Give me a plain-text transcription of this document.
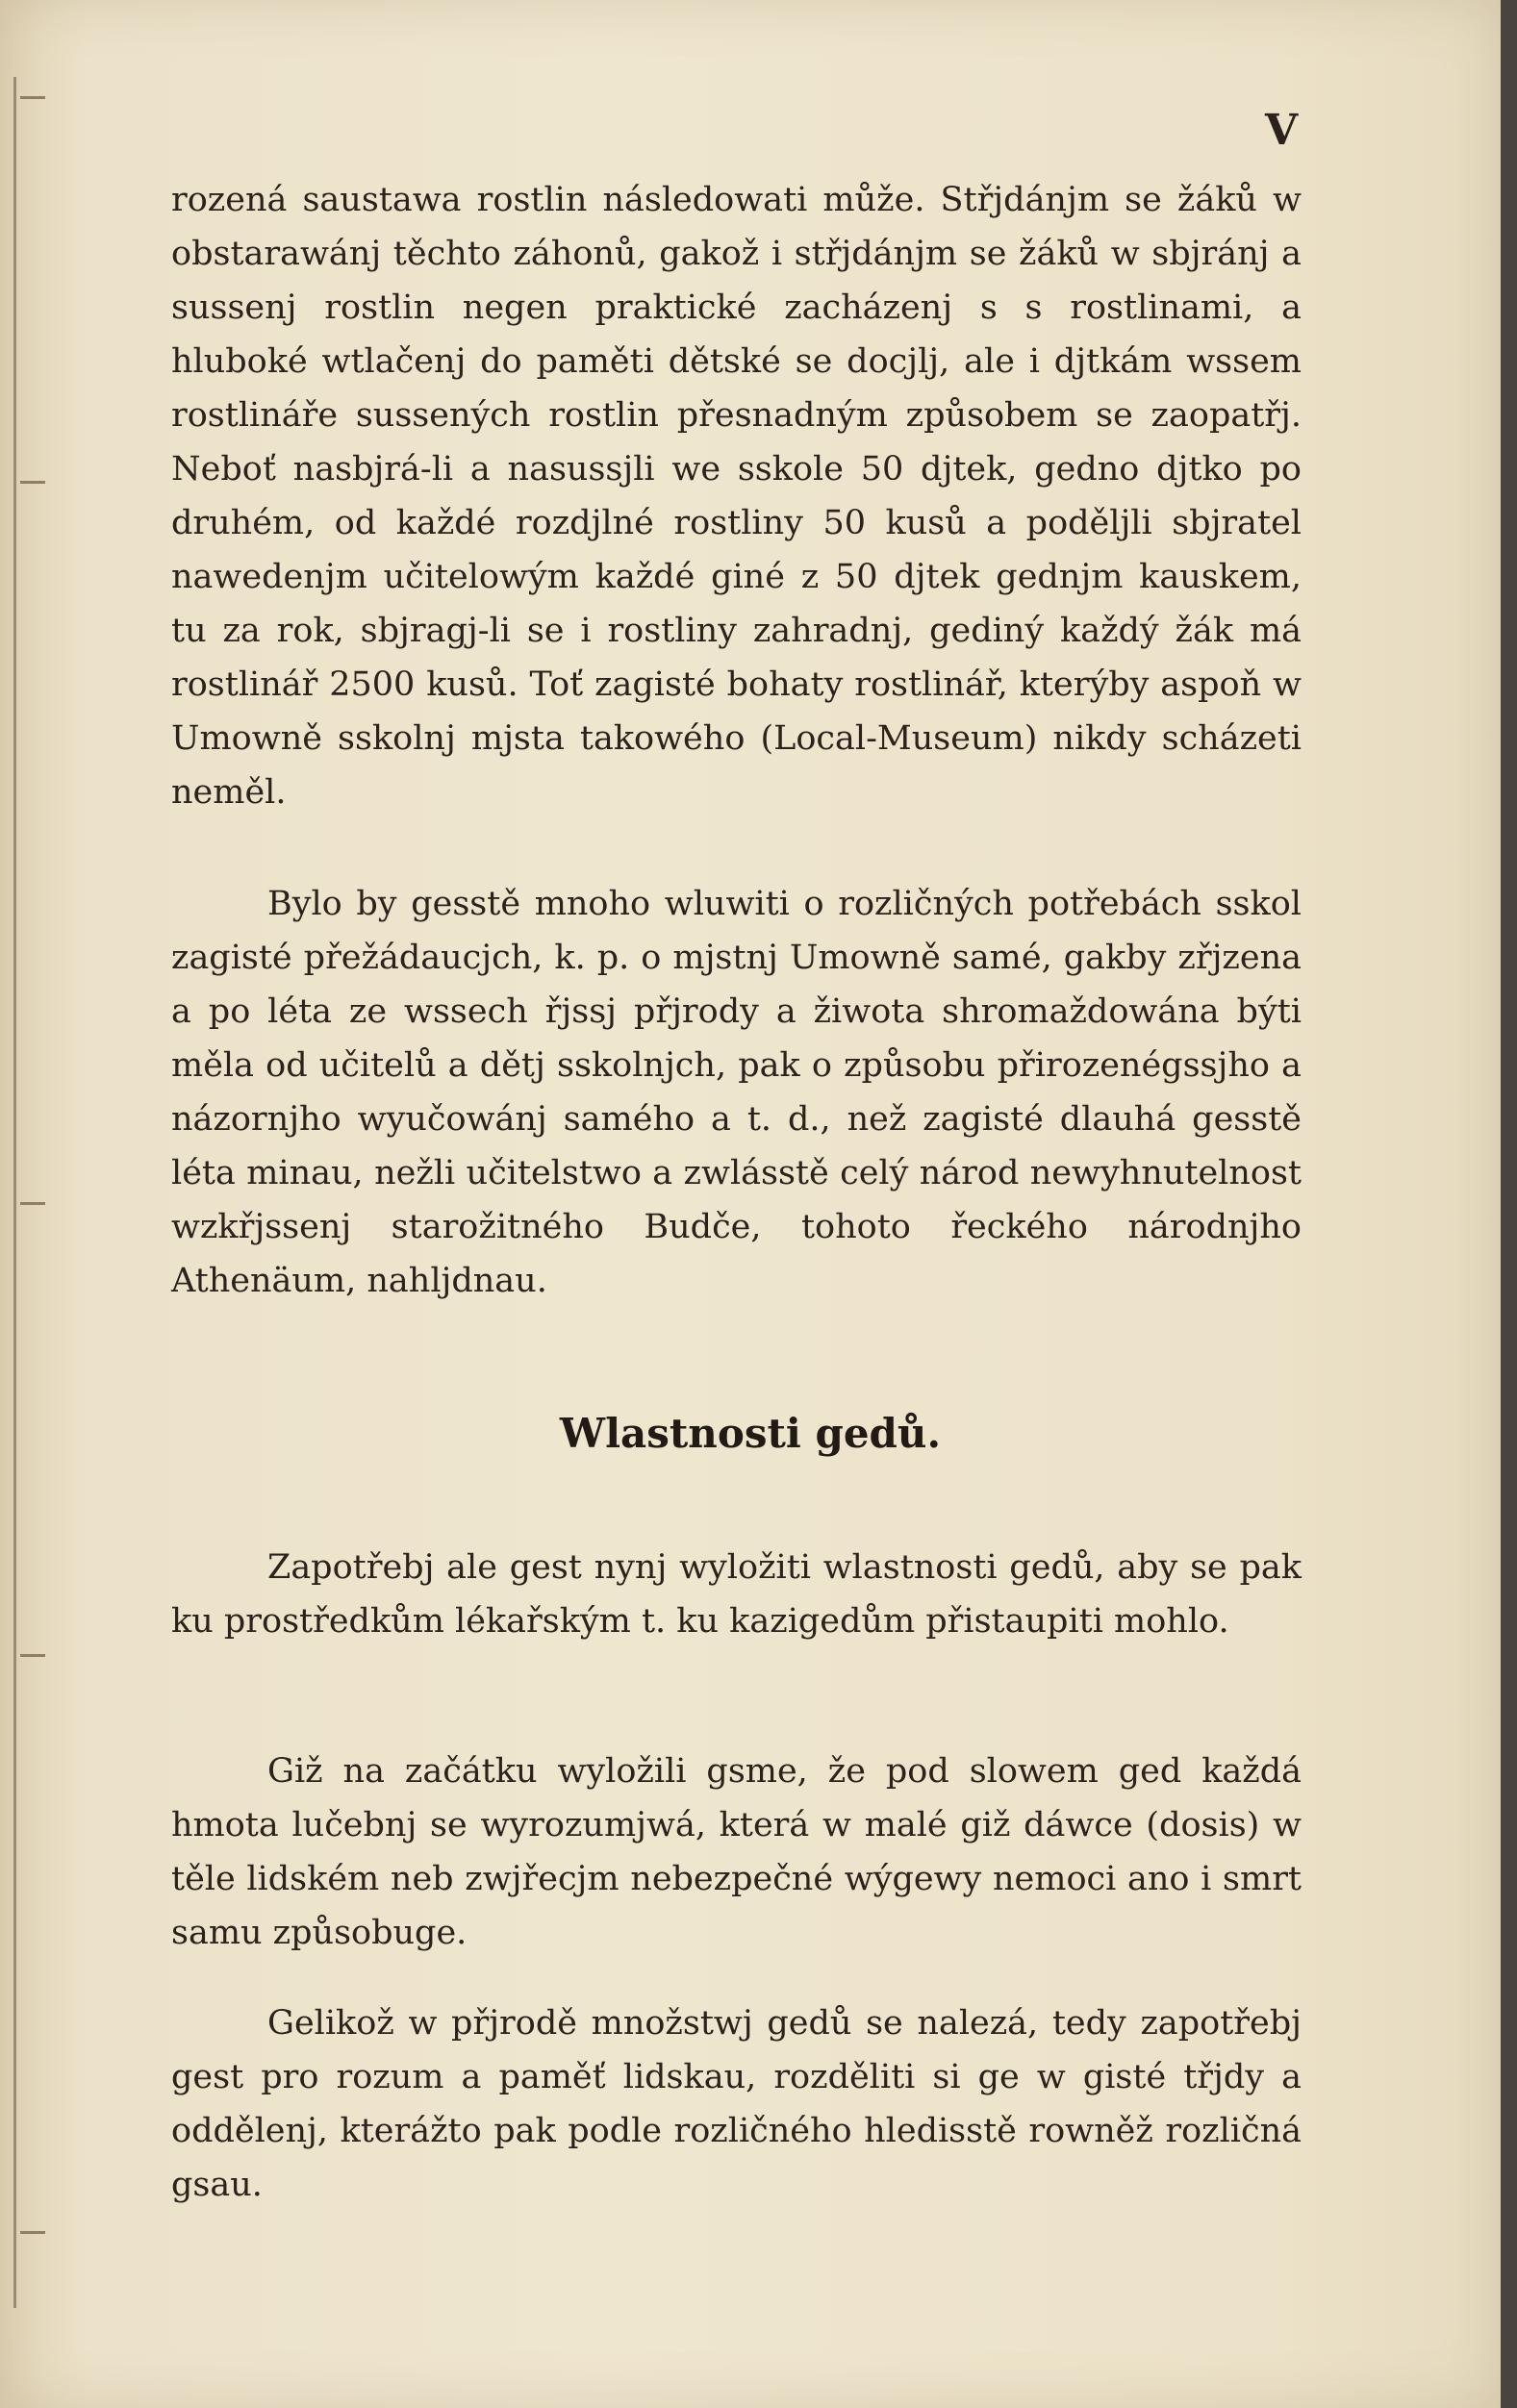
V

rozená saustawa rostlin následowati může. Střjdánjm se žáků w obstarawánj těchto záhonů, gakož i střjdánjm se žáků w sbjránj a sussenj rostlin negen praktické zacházenj s s rostlinami, a hluboké wtlačenj do paměti dětské se docjlj, ale i djtkám wssem rostlináře sussených rostlin přesnadným způsobem se zaopatřj. Neboť nasbjrá-li a nasussjli we sskole 50 djtek, gedno djtko po druhém, od každé rozdjlné rostliny 50 kusů a poděljli sbjratel nawedenjm učitelowým každé giné z 50 djtek gednjm kauskem, tu za rok, sbjragj-li se i rostliny zahradnj, gediný každý žák má rostlinář 2500 kusů. Toť zagisté bohaty rostlinář, kterýby aspoň w Umowně sskolnj mjsta takowého (Local-Museum) nikdy scházeti neměl.

Bylo by gesstě mnoho wluwiti o rozličných potřebách sskol zagisté přežádaucjch, k. p. o mjstnj Umowně samé, gakby zřjzena a po léta ze wssech řjssj přjrody a žiwota shromaždowána býti měla od učitelů a dětj sskolnjch, pak o způsobu přirozenégssjho a názornjho wyučowánj samého a t. d., než zagisté dlauhá gesstě léta minau, nežli učitelstwo a zwlásstě celý národ newyhnutelnost wzkřjssenj starožitného Budče, tohoto řeckého národnjho Athenäum, nahljdnau.

Wlastnosti gedů.

Zapotřebj ale gest nynj wyložiti wlastnosti gedů, aby se pak ku prostředkům lékařským t. ku kazigedům přistaupiti mohlo.

Giž na začátku wyložili gsme, že pod slowem ged každá hmota lučebnj se wyrozumjwá, která w malé giž dáwce (dosis) w těle lidském neb zwjřecjm nebezpečné wýgewy nemoci ano i smrt samu způsobuge.

Gelikož w přjrodě množstwj gedů se nalezá, tedy zapotřebj gest pro rozum a paměť lidskau, rozděliti si ge w gisté třjdy a oddělenj, kterážto pak podle rozličného hledisstě rowněž rozličná gsau.
